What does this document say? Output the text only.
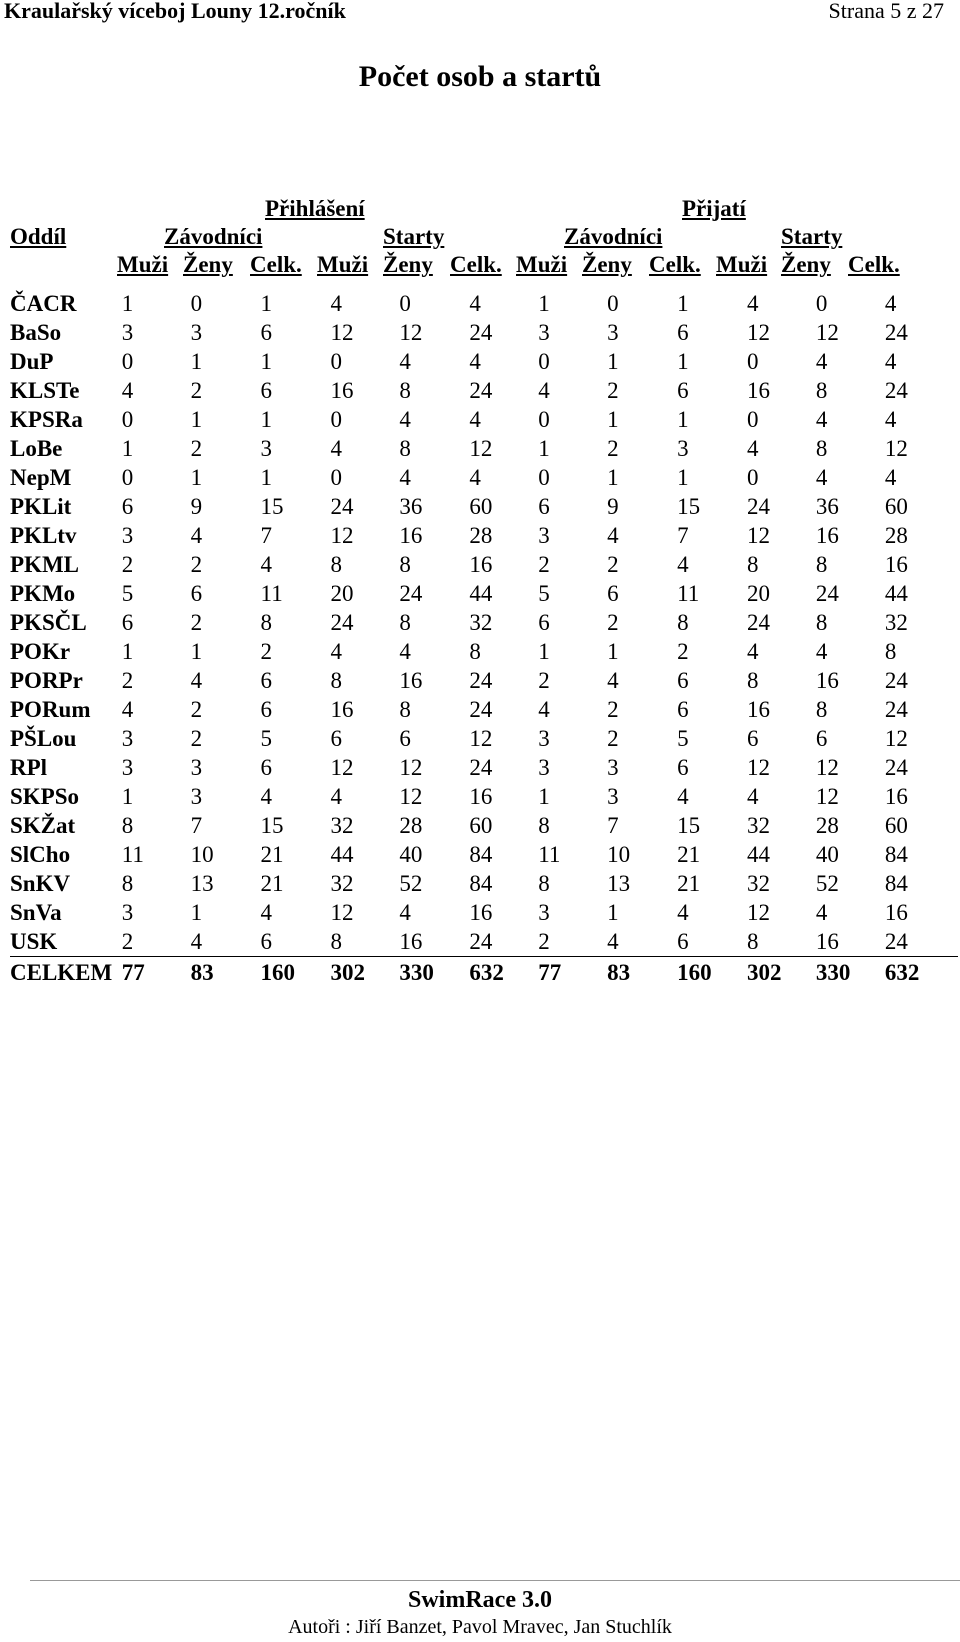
Kraulařský víceboj Louny 12.ročník	Strana 5 z 27
Počet osob a startů
Přihlášení	Přijatí
Oddíl	Závodníci	Starty	Závodníci	Starty
Muži Ženy Celk. Muži Ženy Celk. Muži Ženy Celk. Muži Ženy Celk.
ČACR	1	0	1	4	0	4	1	0	1	4	0	4
BaSo	3	3	6	12	12	24	3	3	6	12	12	24
DuP	0	1	1	0	4	4	0	1	1	0	4	4
KLSTe	4	2	6	16	8	24	4	2	6	16	8	24
KPSRa	0	1	1	0	4	4	0	1	1	0	4	4
LoBe	1	2	3	4	8	12	1	2	3	4	8	12
NepM	0	1	1	0	4	4	0	1	1	0	4	4
PKLit	6	9	15	24	36	60	6	9	15	24	36	60
PKLtv	3	4	7	12	16	28	3	4	7	12	16	28
PKML	2	2	4	8	8	16	2	2	4	8	8	16
PKMo	5	6	11	20	24	44	5	6	11	20	24	44
PKSČL	6	2	8	24	8	32	6	2	8	24	8	32
POKr	1	1	2	4	4	8	1	1	2	4	4	8
PORPr	2	4	6	8	16	24	2	4	6	8	16	24
PORum	4	2	6	16	8	24	4	2	6	16	8	24
PŠLou	3	2	5	6	6	12	3	2	5	6	6	12
RPl	3	3	6	12	12	24	3	3	6	12	12	24
SKPSo	1	3	4	4	12	16	1	3	4	4	12	16
SKŽat	8	7	15	32	28	60	8	7	15	32	28	60
SlCho	11	10	21	44	40	84	11	10	21	44	40	84
SnKV	8	13	21	32	52	84	8	13	21	32	52	84
SnVa	3	1	4	12	4	16	3	1	4	12	4	16
USK	2	4	6	8	16	24	2	4	6	8	16	24
CELKEM	77	83	160	302	330	632	77	83	160	302	330	632
SwimRace 3.0
Autoři : Jiří Banzet, Pavol Mravec, Jan Stuchlík
